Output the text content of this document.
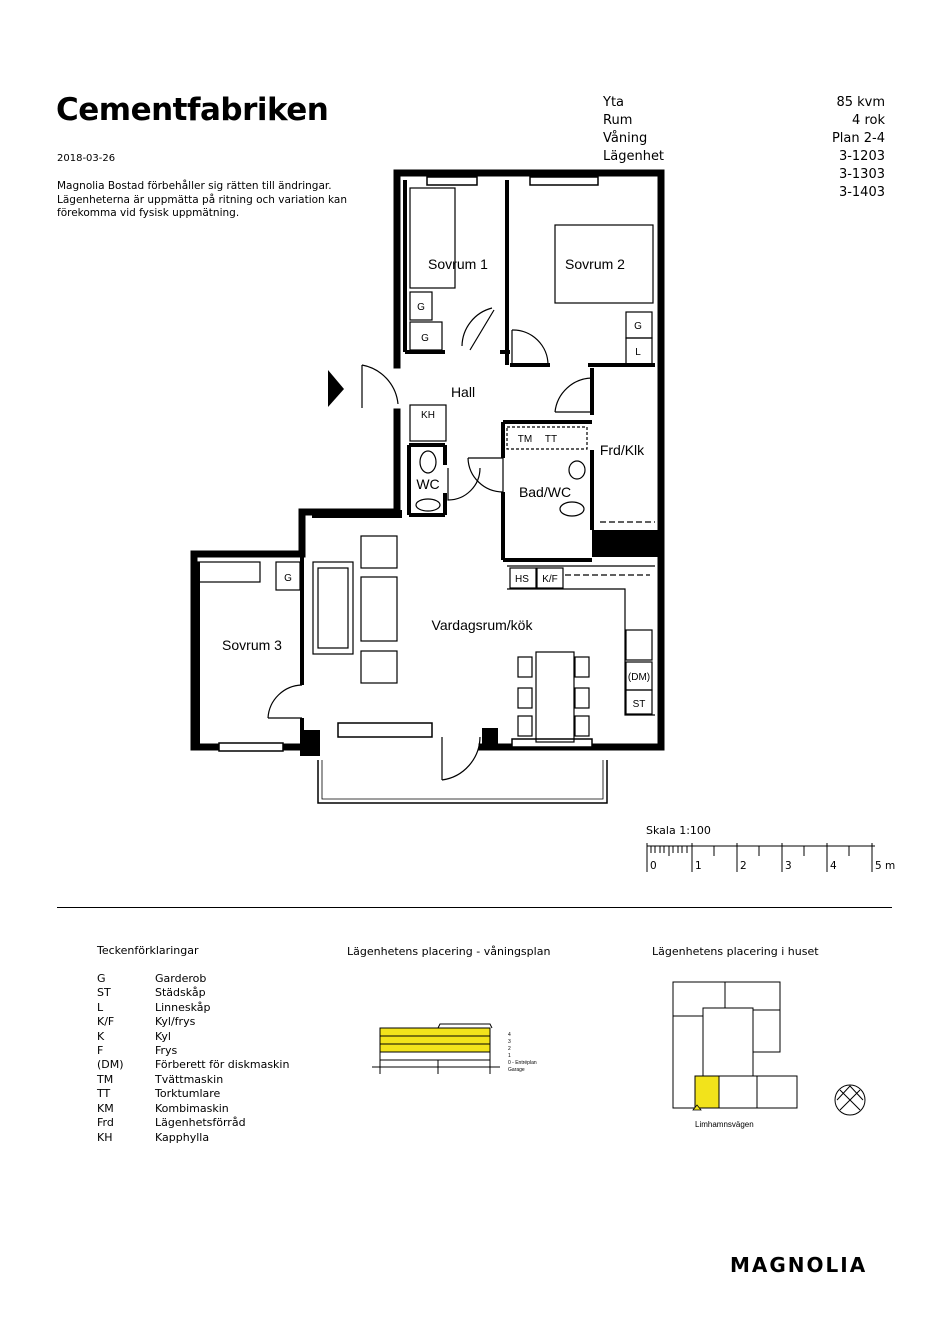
Cementfabriken
2018-03-26
Magnolia Bostad förbehåller sig rätten till ändringar. Lägenheterna är uppmätta på ritning och variation kan förekomma vid fysisk uppmätning.
Yta	85 kvm
Rum	4 rok
Våning	Plan 2-4
Lägenhet	3-1203
3-1303
3-1403
Sovrum 1	Sovrum 2
Sovrum 3
Hall
Frd/Klk
Bad/WC
WC
Vardagsrum/kök
G
G
G
L
G
KH
TM TT
HS K/F
(DM)
ST
Skala 1:100
0	1	2	3	4	5 m
Teckenförklaringar
G	Garderob
ST	Städskåp
L	Linneskåp
K/F	Kyl/frys
K	Kyl
F	Frys
(DM)	Förberett för diskmaskin
TM	Tvättmaskin
TT	Torktumlare
KM	Kombimaskin
Frd	Lägenhetsförråd
KH	Kapphylla
Lägenhetens placering - våningsplan
4
3
2
1
0 - Entréplan
Garage
Lägenhetens placering i huset
Limhamnsvägen
MAGNOLIA
